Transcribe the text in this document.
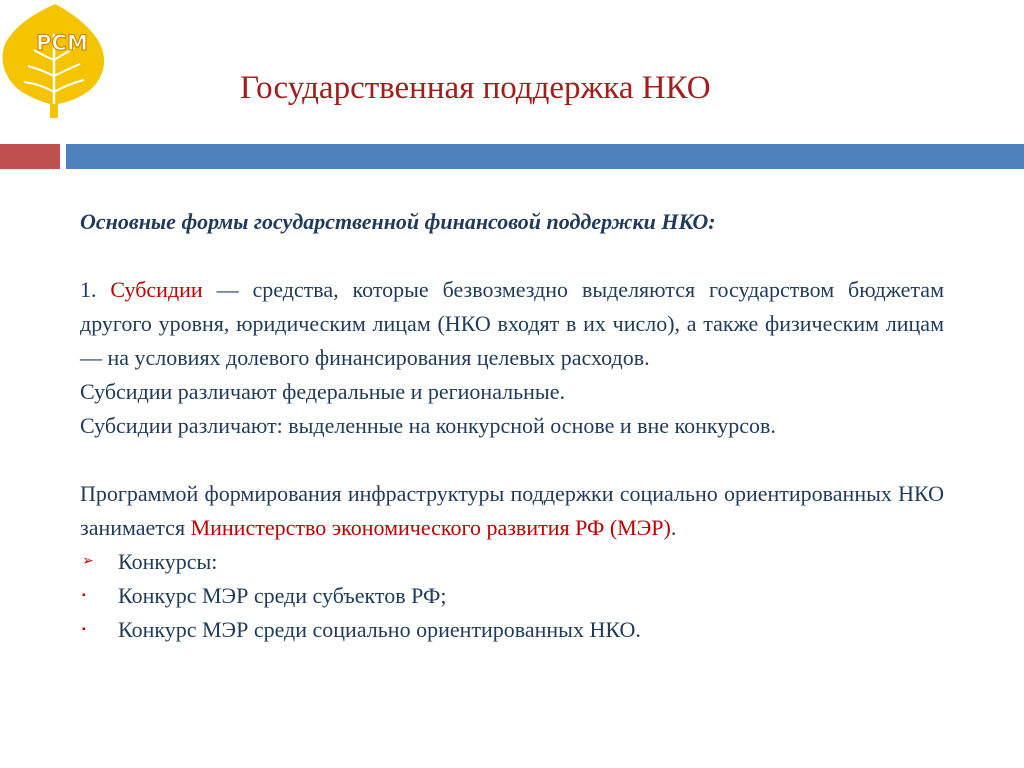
РСМ
Государственная поддержка НКО

Основные формы государственной финансовой поддержки НКО:

1. Субсидии — средства, которые безвозмездно выделяются государством бюджетам другого уровня, юридическим лицам (НКО входят в их число), а также физическим лицам — на условиях долевого финансирования целевых расходов.

Субсидии различают федеральные и региональные.

Субсидии различают: выделенные на конкурсной основе и вне конкурсов.

Программой формирования инфраструктуры поддержки социально ориентированных НКО занимается Министерство экономического развития РФ (МЭР).

➢ Конкурсы:

▪ Конкурс МЭР среди субъектов РФ;

▪ Конкурс МЭР среди социально ориентированных НКО.
